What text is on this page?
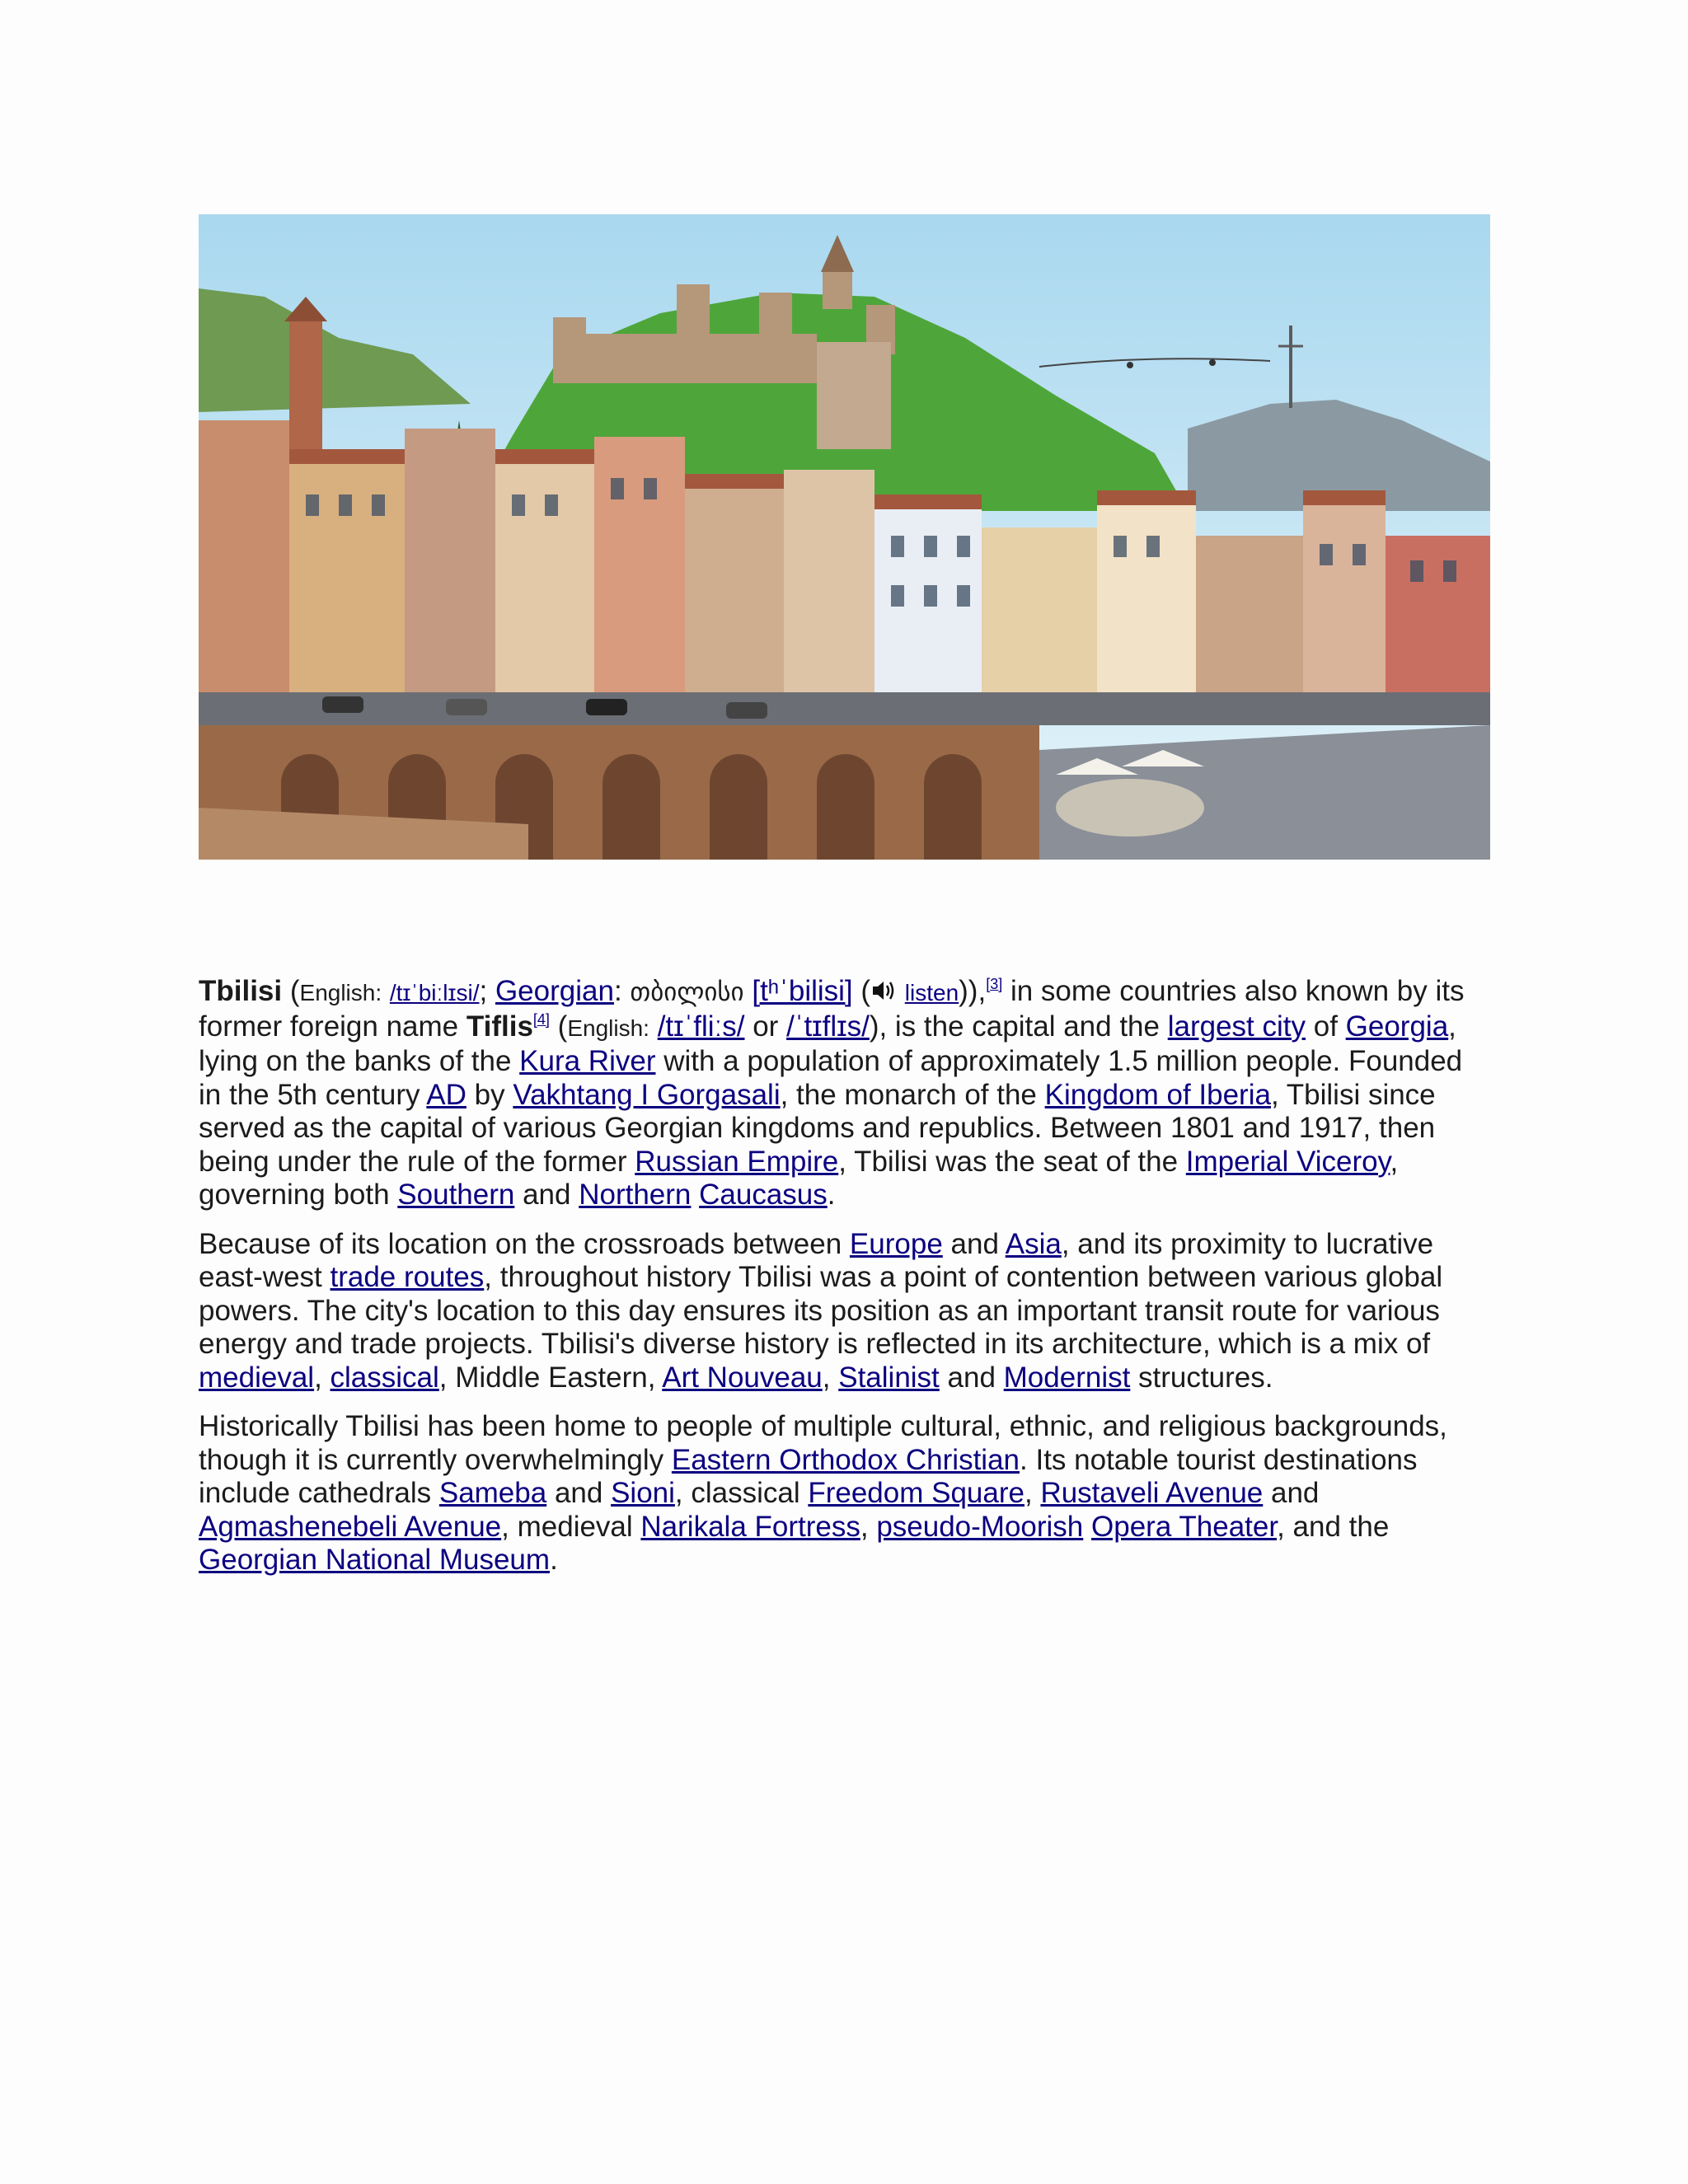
Tbilisi (English: /tɪˈbiːlɪsi/; Georgian: თბილისი [tʰˈbilisi] ( listen)),[3] in some countries also known by its former foreign name Tiflis[4] (English: /tɪˈfliːs/ or /ˈtɪflɪs/), is the capital and the largest city of Georgia, lying on the banks of the Kura River with a population of approximately 1.5 million people. Founded in the 5th century AD by Vakhtang I Gorgasali, the monarch of the Kingdom of Iberia, Tbilisi since served as the capital of various Georgian kingdoms and republics. Between 1801 and 1917, then being under the rule of the former Russian Empire, Tbilisi was the seat of the Imperial Viceroy, governing both Southern and Northern Caucasus.

Because of its location on the crossroads between Europe and Asia, and its proximity to lucrative east-west trade routes, throughout history Tbilisi was a point of contention between various global powers. The city's location to this day ensures its position as an important transit route for various energy and trade projects. Tbilisi's diverse history is reflected in its architecture, which is a mix of medieval, classical, Middle Eastern, Art Nouveau, Stalinist and Modernist structures.

Historically Tbilisi has been home to people of multiple cultural, ethnic, and religious backgrounds, though it is currently overwhelmingly Eastern Orthodox Christian. Its notable tourist destinations include cathedrals Sameba and Sioni, classical Freedom Square, Rustaveli Avenue and Agmashenebeli Avenue, medieval Narikala Fortress, pseudo-Moorish Opera Theater, and the Georgian National Museum.
